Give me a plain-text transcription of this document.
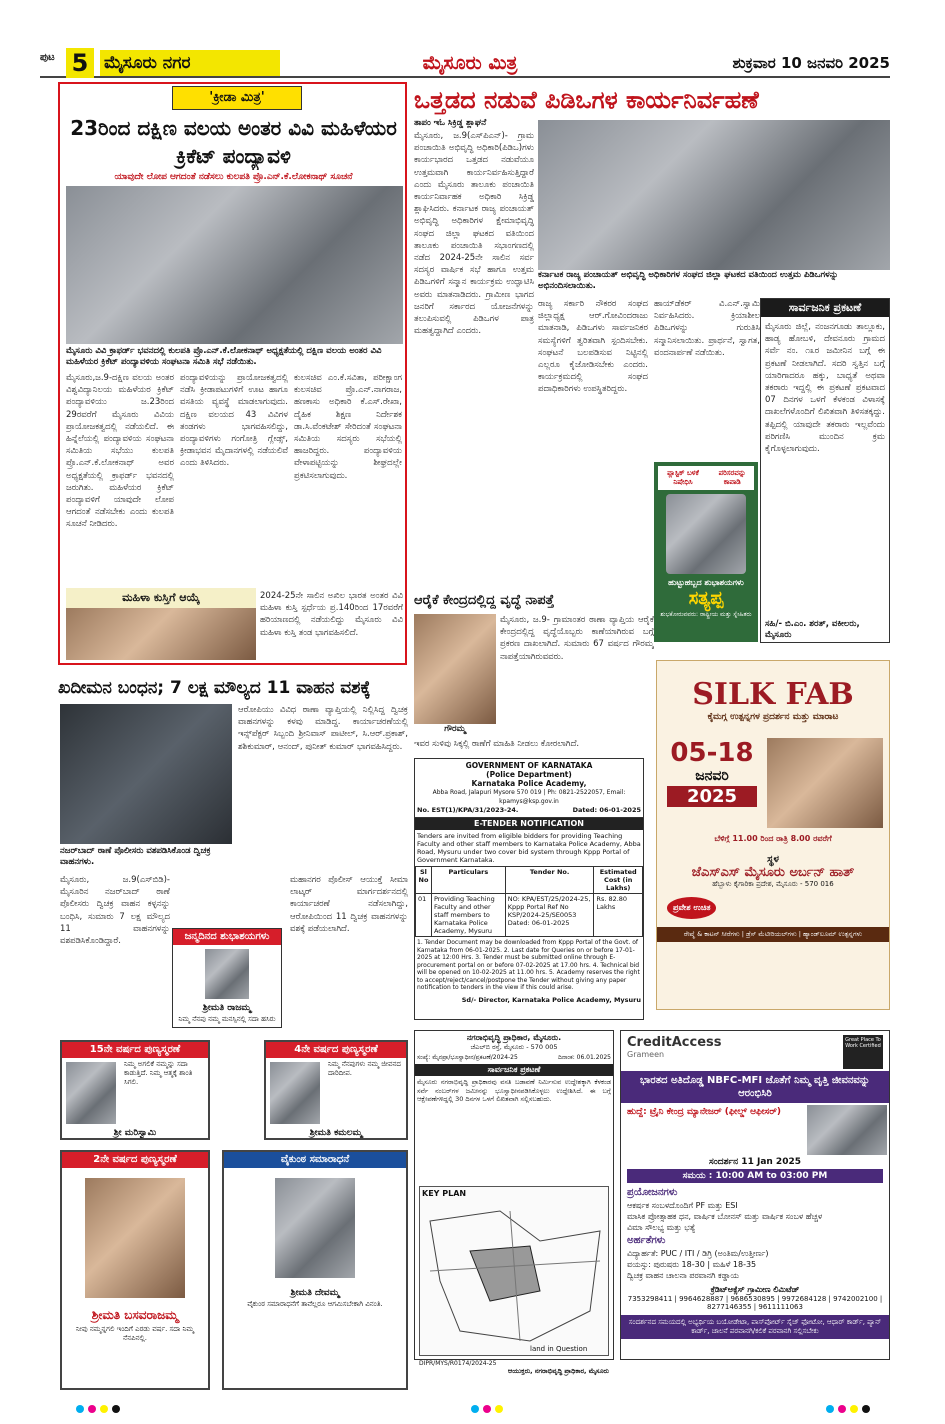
ಪುಟ 5 ಮೈಸೂರು ನಗರ	ಮೈಸೂರು ಮಿತ್ರ	ಶುಕ್ರವಾರ 10 ಜನವರಿ 2025
'ಕ್ರೀಡಾ ಮಿತ್ರ'
23ರಿಂದ ದಕ್ಷಿಣ ವಲಯ ಅಂತರ ವಿವಿ ಮಹಿಳೆಯರ ಕ್ರಿಕೆಟ್ ಪಂದ್ಯಾವಳಿ
ಯಾವುದೇ ಲೋಪ ಆಗದಂತೆ ನಡೆಸಲು ಕುಲಪತಿ ಪ್ರೊ.ಎನ್.ಕೆ.ಲೋಕನಾಥ್ ಸೂಚನೆ
ಮೈಸೂರು ವಿವಿ ಕ್ರಾಫರ್ಡ್ ಭವನದಲ್ಲಿ ಕುಲಪತಿ ಪ್ರೊ.ಎನ್.ಕೆ.ಲೋಕನಾಥ್ ಅಧ್ಯಕ್ಷತೆಯಲ್ಲಿ ದಕ್ಷಿಣ ವಲಯ ಅಂತರ ವಿವಿ ಮಹಿಳೆಯರ ಕ್ರಿಕೆಟ್ ಪಂದ್ಯಾವಳಿಯ ಸಂಘಟನಾ ಸಮಿತಿ ಸಭೆ ನಡೆಯಿತು.
ಮೈಸೂರು,ಜ.9-ದಕ್ಷಿಣ ವಲಯ ಅಂತರ ವಿಶ್ವವಿದ್ಯಾನಿಲಯ ಮಹಿಳೆಯರ ಕ್ರಿಕೆಟ್ ಪಂದ್ಯಾವಳಿಯು ಜ.23ರಿಂದ 29ರವರೆಗೆ ಮೈಸೂರು ವಿವಿಯ ಪ್ರಾಯೋಜಕತ್ವದಲ್ಲಿ ನಡೆಯಲಿದೆ. ಈ ಹಿನ್ನೆಲೆಯಲ್ಲಿ ಪಂದ್ಯಾವಳಿಯ ಸಂಘಟನಾ ಸಮಿತಿಯ ಸಭೆಯು ಕುಲಪತಿ ಪ್ರೊ.ಎನ್.ಕೆ.ಲೋಕನಾಥ್ ಅವರ ಅಧ್ಯಕ್ಷತೆಯಲ್ಲಿ ಕ್ರಾಫರ್ಡ್ ಭವನದಲ್ಲಿ ಜರುಗಿತು. ಮಹಿಳೆಯರ ಕ್ರಿಕೆಟ್ ಪಂದ್ಯಾವಳಿಗೆ ಯಾವುದೇ ಲೋಪ ಆಗದಂತೆ ನಡೆಸಬೇಕು ಎಂದು ಕುಲಪತಿ ಸೂಚನೆ ನೀಡಿದರು.
ಪಂದ್ಯಾವಳಿಯನ್ನು ಪ್ರಾಯೋಜಕತ್ವದಲ್ಲಿ ನಡೆಸಿ ಕ್ರೀಡಾಪಟುಗಳಿಗೆ ಊಟ ಹಾಗೂ ವಸತಿಯ ವ್ಯವಸ್ಥೆ ಮಾಡಲಾಗುವುದು. ದಕ್ಷಿಣ ವಲಯದ 43 ವಿವಿಗಳ ತಂಡಗಳು ಭಾಗವಹಿಸಲಿದ್ದು, ಪಂದ್ಯಾವಳಿಗಳು ಗಂಗೋತ್ರಿ ಗ್ಲೇಡ್ಸ್, ಕ್ರೀಡಾಭವನ ಮೈದಾನಗಳಲ್ಲಿ ನಡೆಯಲಿವೆ ಎಂದು ತಿಳಿಸಿದರು.
ಕುಲಸಚಿವ ಎಂ.ಕೆ.ಸವಿತಾ, ಪರೀಕ್ಷಾಂಗ ಕುಲಸಚಿವ ಪ್ರೊ.ಎನ್.ನಾಗರಾಜ, ಹಣಕಾಸು ಅಧಿಕಾರಿ ಕೆ.ಎಸ್.ರೇಖಾ, ದೈಹಿಕ ಶಿಕ್ಷಣ ನಿರ್ದೇಶಕ ಡಾ.ಸಿ.ವೆಂಕಟೇಶ್ ಸೇರಿದಂತೆ ಸಂಘಟನಾ ಸಮಿತಿಯ ಸದಸ್ಯರು ಸಭೆಯಲ್ಲಿ ಹಾಜರಿದ್ದರು. ಪಂದ್ಯಾವಳಿಯ ವೇಳಾಪಟ್ಟಿಯನ್ನು ಶೀಘ್ರದಲ್ಲೇ ಪ್ರಕಟಿಸಲಾಗುವುದು.
ಮಹಿಳಾ ಕುಸ್ತಿಗೆ ಆಯ್ಕೆ	2024-25ನೇ ಸಾಲಿನ ಅಖಿಲ ಭಾರತ ಅಂತರ ವಿವಿ ಮಹಿಳಾ ಕುಸ್ತಿ ಸ್ಪರ್ಧೆಯ ಪ್ರ.140ರಿಂದ 17ರವರೆಗೆ ಹರಿಯಾಣದಲ್ಲಿ ನಡೆಯಲಿದ್ದು ಮೈಸೂರು ವಿವಿ ಮಹಿಳಾ ಕುಸ್ತಿ ತಂಡ ಭಾಗವಹಿಸಲಿದೆ.
ಖದೀಮನ ಬಂಧನ; 7 ಲಕ್ಷ ಮೌಲ್ಯದ 11 ವಾಹನ ವಶಕ್ಕೆ
ನಜರ್‌ಬಾದ್ ಠಾಣೆ ಪೊಲೀಸರು ವಶಪಡಿಸಿಕೊಂಡ ದ್ವಿಚಕ್ರ ವಾಹನಗಳು.
ಆರೋಪಿಯು ವಿವಿಧ ಠಾಣಾ ವ್ಯಾಪ್ತಿಯಲ್ಲಿ ನಿಲ್ಲಿಸಿದ್ದ ದ್ವಿಚಕ್ರ ವಾಹನಗಳನ್ನು ಕಳವು ಮಾಡಿದ್ದ. ಕಾರ್ಯಾಚರಣೆಯಲ್ಲಿ ಇನ್ಸ್‌ಪೆಕ್ಟರ್ ಸಿಬ್ಬಂದಿ ಶ್ರೀನಿವಾಸ್ ಪಾಟೀಲ್, ಸಿ.ಆರ್.ಪ್ರಕಾಶ್, ಶಶಿಕುಮಾರ್, ಆನಂದ್, ಪುನೀತ್ ಕುಮಾರ್ ಭಾಗವಹಿಸಿದ್ದರು.
ಮೈಸೂರು, ಜ.9(ಎಸ್‌ಬಿಡಿ)- ಮೈಸೂರಿನ ನಜರ್‌ಬಾದ್ ಠಾಣೆ ಪೊಲೀಸರು ದ್ವಿಚಕ್ರ ವಾಹನ ಕಳ್ಳನನ್ನು ಬಂಧಿಸಿ, ಸುಮಾರು 7 ಲಕ್ಷ ಮೌಲ್ಯದ 11 ವಾಹನಗಳನ್ನು ವಶಪಡಿಸಿಕೊಂಡಿದ್ದಾರೆ.
ಮಹಾನಗರ ಪೊಲೀಸ್ ಆಯುಕ್ತೆ ಸೀಮಾ ಲಾಟ್ಕರ್ ಮಾರ್ಗದರ್ಶನದಲ್ಲಿ ಕಾರ್ಯಾಚರಣೆ ನಡೆಸಲಾಗಿದ್ದು, ಆರೋಪಿಯಿಂದ 11 ದ್ವಿಚಕ್ರ ವಾಹನಗಳನ್ನು ವಶಕ್ಕೆ ಪಡೆಯಲಾಗಿದೆ.
ಜನ್ಮದಿನದ ಶುಭಾಶಯಗಳು
ಶ್ರೀಮತಿ ರಾಜಮ್ಮ
ನಿಮ್ಮ ನೆನಪು ನಮ್ಮ ಮನಸ್ಸಿನಲ್ಲಿ ಸದಾ ಹಸಿರು
15ನೇ ವರ್ಷದ ಪುಣ್ಯಸ್ಮರಣೆ
ನಿಮ್ಮ ಅಗಲಿಕೆ ನಮ್ಮನ್ನು ಸದಾ ಕಾಡುತ್ತಿದೆ. ನಿಮ್ಮ ಆತ್ಮಕ್ಕೆ ಶಾಂತಿ ಸಿಗಲಿ.
ಶ್ರೀ ಮರಿಸ್ವಾಮಿ
4ನೇ ವರ್ಷದ ಪುಣ್ಯಸ್ಮರಣೆ
ನಿಮ್ಮ ನೆನಪುಗಳು ನಮ್ಮ ಜೀವನದ ದಾರಿದೀಪ.
ಶ್ರೀಮತಿ ಕಮಲಮ್ಮ
2ನೇ ವರ್ಷದ ಪುಣ್ಯಸ್ಮರಣೆ
ಶ್ರೀಮತಿ ಬಸವರಾಜಮ್ಮ
ನೀವು ನಮ್ಮನ್ನಗಲಿ ಇಂದಿಗೆ ಎರಡು ವರ್ಷ. ಸದಾ ನಿಮ್ಮ ನೆನಪಿನಲ್ಲಿ.
ವೈಕುಂಠ ಸಮಾರಾಧನೆ
ಶ್ರೀಮತಿ ದೇವಮ್ಮ
ವೈಕುಂಠ ಸಮಾರಾಧನೆಗೆ ತಾವೆಲ್ಲರೂ ಆಗಮಿಸಬೇಕಾಗಿ ವಿನಂತಿ.
ಒತ್ತಡದ ನಡುವೆ ಪಿಡಿಒಗಳ ಕಾರ್ಯನಿರ್ವಹಣೆ
ತಾಪಂ ಇಓ ಸಿಕ್ರಿಡ್ಡ ಶ್ಲಾಘನೆ
ಮೈಸೂರು, ಜ.9(ಎಸ್‌ಪಿಎನ್)- ಗ್ರಾಮ ಪಂಚಾಯಿತಿ ಅಭಿವೃದ್ಧಿ ಅಧಿಕಾರಿ(ಪಿಡಿಒ)ಗಳು ಕಾರ್ಯಭಾರದ ಒತ್ತಡದ ನಡುವೆಯೂ ಉತ್ತಮವಾಗಿ ಕಾರ್ಯನಿರ್ವಹಿಸುತ್ತಿದ್ದಾರೆ ಎಂದು ಮೈಸೂರು ತಾಲೂಕು ಪಂಚಾಯಿತಿ ಕಾರ್ಯನಿರ್ವಾಹಕ ಅಧಿಕಾರಿ ಸಿಕ್ರಿಡ್ಡ ಶ್ಲಾಘಿಸಿದರು. ಕರ್ನಾಟಕ ರಾಜ್ಯ ಪಂಚಾಯತ್ ಅಭಿವೃದ್ಧಿ ಅಧಿಕಾರಿಗಳ ಕ್ಷೇಮಾಭಿವೃದ್ಧಿ ಸಂಘದ ಜಿಲ್ಲಾ ಘಟಕದ ವತಿಯಿಂದ ತಾಲೂಕು ಪಂಚಾಯಿತಿ ಸಭಾಂಗಣದಲ್ಲಿ ನಡೆದ 2024-25ನೇ ಸಾಲಿನ ಸರ್ವ ಸದಸ್ಯರ ವಾರ್ಷಿಕ ಸಭೆ ಹಾಗೂ ಉತ್ತಮ ಪಿಡಿಒಗಳಿಗೆ ಸನ್ಮಾನ ಕಾರ್ಯಕ್ರಮ ಉದ್ಘಾಟಿಸಿ ಅವರು ಮಾತನಾಡಿದರು. ಗ್ರಾಮೀಣ ಭಾಗದ ಜನರಿಗೆ ಸರ್ಕಾರದ ಯೋಜನೆಗಳನ್ನು ತಲುಪಿಸುವಲ್ಲಿ ಪಿಡಿಒಗಳ ಪಾತ್ರ ಮಹತ್ವದ್ದಾಗಿದೆ ಎಂದರು.
ಕರ್ನಾಟಕ ರಾಜ್ಯ ಪಂಚಾಯತ್ ಅಭಿವೃದ್ಧಿ ಅಧಿಕಾರಿಗಳ ಸಂಘದ ಜಿಲ್ಲಾ ಘಟಕದ ವತಿಯಿಂದ ಉತ್ತಮ ಪಿಡಿಒಗಳನ್ನು ಅಭಿನಂದಿಸಲಾಯಿತು.
ರಾಜ್ಯ ಸರ್ಕಾರಿ ನೌಕರರ ಸಂಘದ ಜಿಲ್ಲಾಧ್ಯಕ್ಷ ಆರ್.ಗೋವಿಂದರಾಜು ಮಾತನಾಡಿ, ಪಿಡಿಒಗಳು ಸಾರ್ವಜನಿಕರ ಸಮಸ್ಯೆಗಳಿಗೆ ತ್ವರಿತವಾಗಿ ಸ್ಪಂದಿಸಬೇಕು. ಸಂಘಟನೆ ಬಲಪಡಿಸುವ ನಿಟ್ಟಿನಲ್ಲಿ ಎಲ್ಲರೂ ಕೈಜೋಡಿಸಬೇಕು ಎಂದರು. ಕಾರ್ಯಕ್ರಮದಲ್ಲಿ ಸಂಘದ ಪದಾಧಿಕಾರಿಗಳು ಉಪಸ್ಥಿತರಿದ್ದರು.
ಹಾಯ್‌ಡೆಕರ್ ವಿ.ಎನ್.ಸ್ವಾಮಿ ನಿರ್ವಹಿಸಿದರು. ಕ್ರಿಯಾಶೀಲ ಪಿಡಿಒಗಳನ್ನು ಗುರುತಿಸಿ ಸನ್ಮಾನಿಸಲಾಯಿತು. ಪ್ರಾರ್ಥನೆ, ಸ್ವಾಗತ, ವಂದನಾರ್ಪಣೆ ನಡೆಯಿತು.
ಸಾರ್ವಜನಿಕ ಪ್ರಕಟಣೆ
ಮೈಸೂರು ಜಿಲ್ಲೆ, ನಂಜನಗೂಡು ತಾಲ್ಲೂಕು, ಹಾಡ್ಯ ಹೋಬಳಿ, ದೇವನೂರು ಗ್ರಾಮದ ಸರ್ವೆ ನಂ. ೧೩ರ ಜಮೀನಿನ ಬಗ್ಗೆ ಈ ಪ್ರಕಟಣೆ ನೀಡಲಾಗಿದೆ. ಸದರಿ ಸ್ವತ್ತಿನ ಬಗ್ಗೆ ಯಾರಿಗಾದರೂ ಹಕ್ಕು, ಬಾಧ್ಯತೆ ಅಥವಾ ತಕರಾರು ಇದ್ದಲ್ಲಿ ಈ ಪ್ರಕಟಣೆ ಪ್ರಕಟವಾದ 07 ದಿನಗಳ ಒಳಗೆ ಕೆಳಕಂಡ ವಿಳಾಸಕ್ಕೆ ದಾಖಲೆಗಳೊಂದಿಗೆ ಲಿಖಿತವಾಗಿ ತಿಳಿಸತಕ್ಕದ್ದು. ತಪ್ಪಿದಲ್ಲಿ ಯಾವುದೇ ತಕರಾರು ಇಲ್ಲವೆಂದು ಪರಿಗಣಿಸಿ ಮುಂದಿನ ಕ್ರಮ ಕೈಗೊಳ್ಳಲಾಗುವುದು.
ಸಹಿ/- ಬಿ.ಎಂ. ಶರತ್, ವಕೀಲರು, ಮೈಸೂರು
ಪ್ಲಾಸ್ಟಿಕ್ ಬಳಕೆ ನಿಷೇಧಿಸಿ

ಪರಿಸರವನ್ನು ಕಾಪಾಡಿ
ಹುಟ್ಟುಹಬ್ಬದ ಶುಭಾಶಯಗಳು
ಸತ್ಯಪ್ಪ
ಶುಭಕೋರುವವರು: ರಾಷ್ಟ್ರೀಯ ಮತ್ತು ಸ್ನೇಹಿತರು
ಆರೈಕೆ ಕೇಂದ್ರದಲ್ಲಿದ್ದ ವೃದ್ಧೆ ನಾಪತ್ತೆ
ಗೌರಮ್ಮ
ಮೈಸೂರು, ಜ.9- ಗ್ರಾಮಾಂತರ ಠಾಣಾ ವ್ಯಾಪ್ತಿಯ ಆರೈಕೆ ಕೇಂದ್ರದಲ್ಲಿದ್ದ ವೃದ್ಧೆಯೊಬ್ಬರು ಕಾಣೆಯಾಗಿರುವ ಬಗ್ಗೆ ಪ್ರಕರಣ ದಾಖಲಾಗಿದೆ. ಸುಮಾರು 67 ವರ್ಷದ ಗೌರಮ್ಮ ನಾಪತ್ತೆಯಾಗಿರುವವರು.
ಇವರ ಸುಳಿವು ಸಿಕ್ಕಲ್ಲಿ ಠಾಣೆಗೆ ಮಾಹಿತಿ ನೀಡಲು ಕೋರಲಾಗಿದೆ.
GOVERNMENT OF KARNATAKA
(Police Department)
Karnataka Police Academy,
Abba Road, Jalapuri Mysore 570 019 | Ph: 0821-2522057, Email: kpamys@ksp.gov.in
No. EST(1)/KPA/31/2023-24.	Dated: 06-01-2025
E-TENDER NOTIFICATION
Tenders are invited from eligible bidders for providing Teaching Faculty and other staff members to Karnataka Police Academy, Abba Road, Mysuru under two cover bid system through Kppp Portal of Government Karnataka.
Sl No	Particulars	Tender No.	Estimated Cost (in Lakhs)
01	Providing Teaching Faculty and other staff members to Karnataka Police Academy, Mysuru	NO: KPA/EST/25/2024-25, Kppp Portal Ref No KSP/2024-25/SE0053 Dated: 06-01-2025	Rs. 82.80 Lakhs
1. Tender Document may be downloaded from Kppp Portal of the Govt. of Karnataka from 06-01-2025. 2. Last date for Queries on or before 17-01-2025 at 12:00 Hrs. 3. Tender must be submitted online through E-procurement portal on or before 07-02-2025 at 17.00 hrs. 4. Technical bid will be opened on 10-02-2025 at 11.00 hrs. 5. Academy reserves the right to accept/reject/cancel/postpone the Tender without giving any paper notification to tenders in the view if this could arise.
Sd/- Director, Karnataka Police Academy, Mysuru
SILK FAB
ಕೈಮಗ್ಗ ಉತ್ಪನ್ನಗಳ ಪ್ರದರ್ಶನ ಮತ್ತು ಮಾರಾಟ
05-18
ಜನವರಿ
2025
ಬೆಳಿಗ್ಗೆ 11.00 ರಿಂದ ರಾತ್ರಿ 8.00 ರವರೆಗೆ
ಸ್ಥಳ
ಜೆಎಸ್‌ಎಸ್ ಮೈಸೂರು ಅರ್ಬನ್ ಹಾತ್
ಹೆಬ್ಬಾಳು ಕೈಗಾರಿಕಾ ಪ್ರದೇಶ, ಮೈಸೂರು - 570 016
ಪ್ರವೇಶ ಉಚಿತ
ರೇಷ್ಮೆ & ಕಾಟನ್ ಸೀರೆಗಳು | ಡ್ರೆಸ್ ಮೆಟೀರಿಯಲ್‌ಗಳು | ಹ್ಯಾಂಡ್‌ಲೂಮ್ ಉತ್ಪನ್ನಗಳು
ನಗರಾಭಿವೃದ್ಧಿ ಪ್ರಾಧಿಕಾರ, ಮೈಸೂರು.
ಜೆಎಲ್‌ಬಿ ರಸ್ತೆ, ಮೈಸೂರು - 570 005
ಸಂಖ್ಯೆ: ಮೈನಪ್ರಾ/ಭೂಸ್ವಾಧೀನ/ಪ್ರಕಟಣೆ/2024-25	ದಿನಾಂಕ: 06.01.2025
ಸಾರ್ವಜನಿಕ ಪ್ರಕಟಣೆ
ಮೈಸೂರು ನಗರಾಭಿವೃದ್ಧಿ ಪ್ರಾಧಿಕಾರವು ವಸತಿ ಬಡಾವಣೆ ನಿರ್ಮಿಸುವ ಉದ್ದೇಶಕ್ಕಾಗಿ ಕೆಳಕಂಡ ಸರ್ವೆ ನಂಬರ್‌ಗಳ ಜಮೀನನ್ನು ಭೂಸ್ವಾಧೀನಪಡಿಸಿಕೊಳ್ಳಲು ಉದ್ದೇಶಿಸಿದೆ. ಈ ಬಗ್ಗೆ ಆಕ್ಷೇಪಣೆಗಳಿದ್ದಲ್ಲಿ 30 ದಿನಗಳ ಒಳಗೆ ಲಿಖಿತವಾಗಿ ಸಲ್ಲಿಸಬಹುದು.
KEY PLAN
land in Question
DIPR/MYS/R0174/2024-25
ಆಯುಕ್ತರು, ನಗರಾಭಿವೃದ್ಧಿ ಪ್ರಾಧಿಕಾರ, ಮೈಸೂರು
CreditAccess
Grameen
Great Place To Work Certified
ಭಾರತದ ಅತಿದೊಡ್ಡ NBFC-MFI ಜೊತೆಗೆ ನಿಮ್ಮ ವೃತ್ತಿ ಜೀವನವನ್ನು ಆರಂಭಿಸಿರಿ
ಹುದ್ದೆ: ಟ್ರೈನಿ ಕೇಂದ್ರ ಮ್ಯಾನೇಜರ್ (ಫೀಲ್ಡ್ ಆಫೀಸರ್)
ಸಂದರ್ಶನ 11 Jan 2025
ಸಮಯ : 10:00 AM to 03:00 PM
ಪ್ರಯೋಜನಗಳು
ಆಕರ್ಷಕ ಸಂಬಳದೊಂದಿಗೆ PF ಮತ್ತು ESI
ಮಾಸಿಕ ಪ್ರೋತ್ಸಾಹಕ ಧನ, ವಾರ್ಷಿಕ ಬೋನಸ್ ಮತ್ತು ವಾರ್ಷಿಕ ಸಂಬಳ ಹೆಚ್ಚಳ
ವಿಮಾ ಸೌಲಭ್ಯ ಮತ್ತು ಭತ್ಯೆ
ಅರ್ಹತೆಗಳು
ವಿದ್ಯಾರ್ಹತೆ: PUC / ITI / ಡಿಗ್ರಿ (ಅಂತಿಮ/ಉತ್ತೀರ್ಣ)
ವಯಸ್ಸು: ಪುರುಷರು 18-30 | ಮಹಿಳೆ 18-35
ದ್ವಿಚಕ್ರ ವಾಹನ ಚಾಲನಾ ಪರವಾನಗಿ ಕಡ್ಡಾಯ
ಕ್ರೆಡಿಟ್‌ಆಕ್ಸೆಸ್ ಗ್ರಾಮೀಣ ಲಿಮಿಟೆಡ್
7353298411 | 9964628887 | 9686530895 | 9972684128 | 9742002100 | 8277146355 | 9611111063
ಸಂದರ್ಶನದ ಸಮಯದಲ್ಲಿ ಅಭ್ಯರ್ಥಿಯ ಬಯೋಡೇಟಾ, ಪಾಸ್‌ಪೋರ್ಟ್ ಸೈಜ್ ಫೋಟೋ, ಆಧಾರ್ ಕಾರ್ಡ್, ಪ್ಯಾನ್ ಕಾರ್ಡ್, ಚಾಲನೆ ಪರವಾನಗಿ/ಕಲಿಕೆ ಪರವಾನಗಿ ಸಲ್ಲಿಸಬೇಕು
